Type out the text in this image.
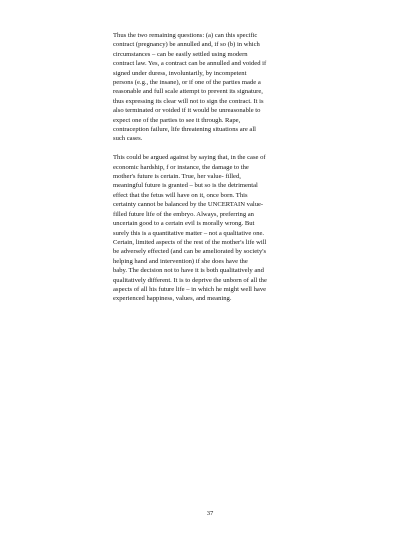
Thus the two remaining questions: (a) can this specific
contract (pregnancy) be annulled and, if so (b) in which
circumstances – can be easily settled using modern
contract law. Yes, a contract can be annulled and voided if
signed under duress, involuntarily, by incompetent
persons (e.g., the insane), or if one of the parties made a
reasonable and full scale attempt to prevent its signature,
thus expressing its clear will not to sign the contract. It is
also terminated or voided if it would be unreasonable to
expect one of the parties to see it through. Rape,
contraception failure, life threatening situations are all
such cases.

This could be argued against by saying that, in the case of
economic hardship, f or instance, the damage to the
mother's future is certain. True, her value- filled,
meaningful future is granted – but so is the detrimental
effect that the fetus will have on it, once born. This
certainty cannot be balanced by the UNCERTAIN value-
filled future life of the embryo. Always, preferring an
uncertain good to a certain evil is morally wrong. But
surely this is a quantitative matter – not a qualitative one.
Certain, limited aspects of the rest of the mother's life will
be adversely effected (and can be ameliorated by society's
helping hand and intervention) if she does have the
baby. The decision not to have it is both qualitatively and
qualitatively different. It is to deprive the unborn of all the
aspects of all his future life – in which he might well have
experienced happiness, values, and meaning.

37
